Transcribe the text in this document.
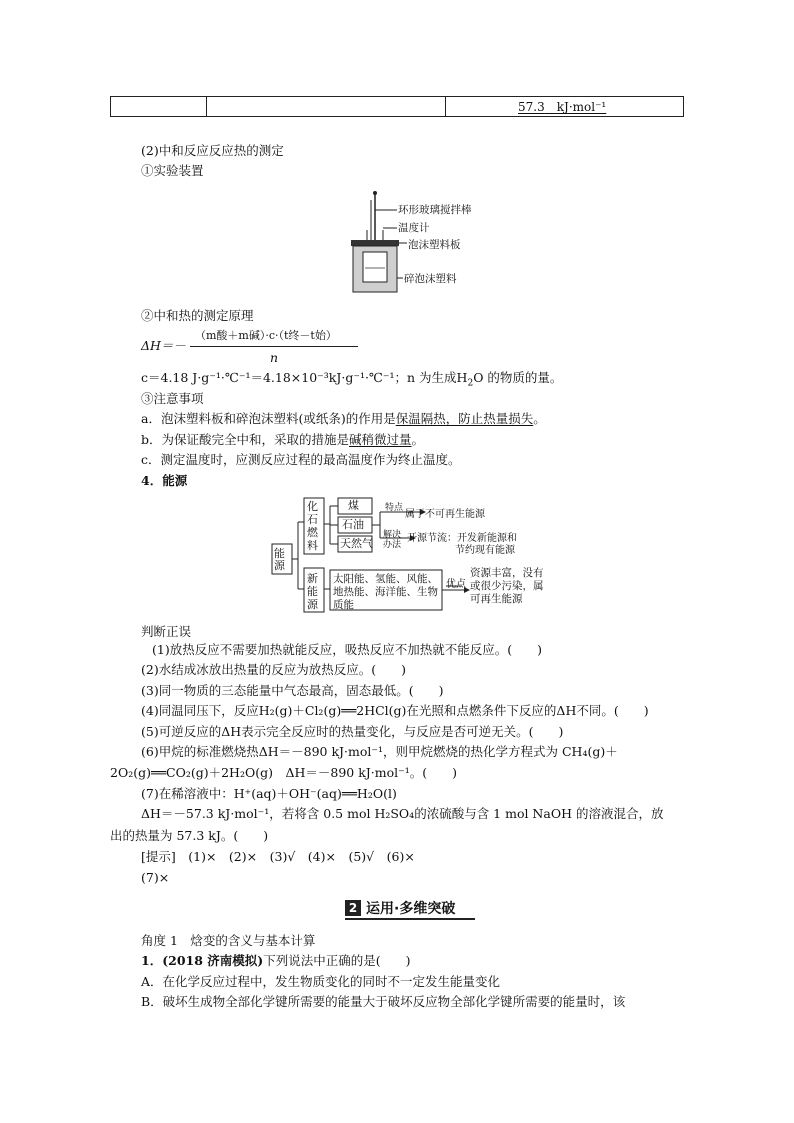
		57.3　 kJ·mol⁻¹
(2)中和反应反应热的测定
①实验装置
环形玻璃搅拌棒
温度计
泡沫塑料板
碎泡沫塑料
②中和热的测定原理
ΔH＝－
（m酸＋m碱）·c·（t终－t始）
n
c＝4.18 J·g⁻¹·℃⁻¹＝4.18×10⁻³kJ·g⁻¹·℃⁻¹；n 为生成$H_2O$ 的物质的量。
③注意事项
a．泡沫塑料板和碎泡沫塑料(或纸条)的作用是保温隔热，防止热量损失。
b．为保证酸完全中和，采取的措施是碱稍微过量。
c．测定温度时，应测反应过程的最高温度作为终止温度。
4．能源
能源
化石燃料
新能源
煤
石油
天然气
特点
属于不可再生能源
解决办法
开源节流：开发新能源和
节约现有能源
太阳能、氢能、风能、
地热能、海洋能、生物
质能
优点
资源丰富，没有
或很少污染，属
可再生能源
判断正误
(1)放热反应不需要加热就能反应，吸热反应不加热就不能反应。(　　)
(2)水结成冰放出热量的反应为放热反应。(　　)
(3)同一物质的三态能量中气态最高，固态最低。(　　)
(4)同温同压下，反应H₂(g)＋Cl₂(g)══2HCl(g)在光照和点燃条件下反应的ΔH不同。(　　)
(5)可逆反应的ΔH表示完全反应时的热量变化，与反应是否可逆无关。(　　)
(6)甲烷的标准燃烧热ΔH＝－890 kJ·mol⁻¹，则甲烷燃烧的热化学方程式为 CH₄(g)＋
2O₂(g)══CO₂(g)＋2H₂O(g)　ΔH＝－890 kJ·mol⁻¹。(　　)
(7)在稀溶液中：H⁺(aq)＋OH⁻(aq)══H₂O(l)
ΔH＝－57.3 kJ·mol⁻¹，若将含 0.5 mol H₂SO₄的浓硫酸与含 1 mol NaOH 的溶液混合，放
出的热量为 57.3 kJ。(　　)
[提示]　(1)×　(2)×　(3)√　(4)×　(5)√　(6)×
(7)×
2 运用·多维突破
角度 1　焓变的含义与基本计算
1．(2018 济南模拟)下列说法中正确的是(　　)
A．在化学反应过程中，发生物质变化的同时不一定发生能量变化
B．破坏生成物全部化学键所需要的能量大于破坏反应物全部化学键所需要的能量时，该
